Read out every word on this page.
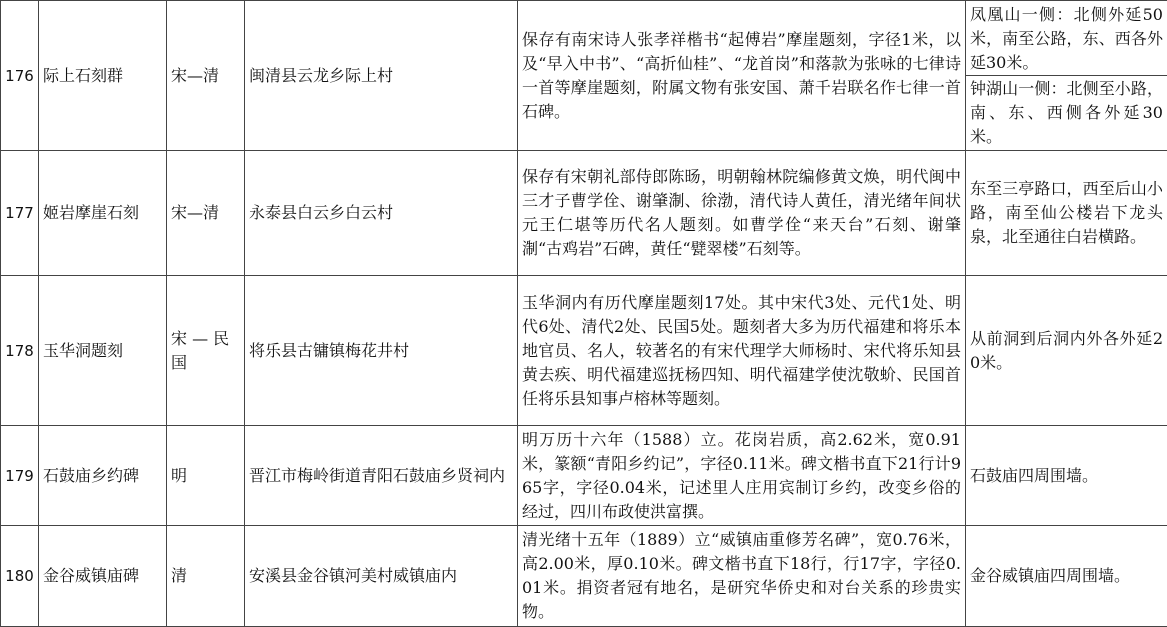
176	际上石刻群	宋—清	闽清县云龙乡际上村	保存有南宋诗人张孝祥楷书“起傅岩”摩崖题刻，字径1米，以及“早入中书”、“高折仙桂”、“龙首岗”和落款为张咏的七律诗一首等摩崖题刻，附属文物有张安国、萧千岩联名作七律一首石碑。	凤凰山一侧：北侧外延50米，南至公路，东、西各外延30米。
钟湖山一侧：北侧至小路，南、东、西侧各外延30米。

177	姬岩摩崖石刻	宋—清	永泰县白云乡白云村	保存有宋朝礼部侍郎陈旸，明朝翰林院编修黄文焕，明代闽中三才子曹学佺、谢肇淛、徐渤，清代诗人黄任，清光绪年间状元王仁堪等历代名人题刻。如曹学佺“来天台”石刻、谢肇淛“古鸡岩”石碑，黄任“甓翠楼”石刻等。	东至三亭路口，西至后山小路，南至仙公楼岩下龙头泉，北至通往白岩横路。
178	玉华洞题刻	宋 — 民国	将乐县古镛镇梅花井村	玉华洞内有历代摩崖题刻17处。其中宋代3处、元代1处、明代6处、清代2处、民国5处。题刻者大多为历代福建和将乐本地官员、名人，较著名的有宋代理学大师杨时、宋代将乐知县黄去疾、明代福建巡抚杨四知、明代福建学使沈敬蚧、民国首任将乐县知事卢榕林等题刻。	从前洞到后洞内外各外延20米。
179	石鼓庙乡约碑	明	晋江市梅岭街道青阳石鼓庙乡贤祠内	明万历十六年（1588）立。花岗岩质，高2.62米，宽0.91米，篆额“青阳乡约记”，字径0.11米。碑文楷书直下21行计965字，字径0.04米，记述里人庄用宾制订乡约，改变乡俗的经过，四川布政使洪富撰。	石鼓庙四周围墙。
180	金谷威镇庙碑	清	安溪县金谷镇河美村威镇庙内	清光绪十五年（1889）立“威镇庙重修芳名碑”，宽0.76米，高2.00米，厚0.10米。碑文楷书直下18行，行17字，字径0.01米。捐资者冠有地名，是研究华侨史和对台关系的珍贵实物。	金谷威镇庙四周围墙。
